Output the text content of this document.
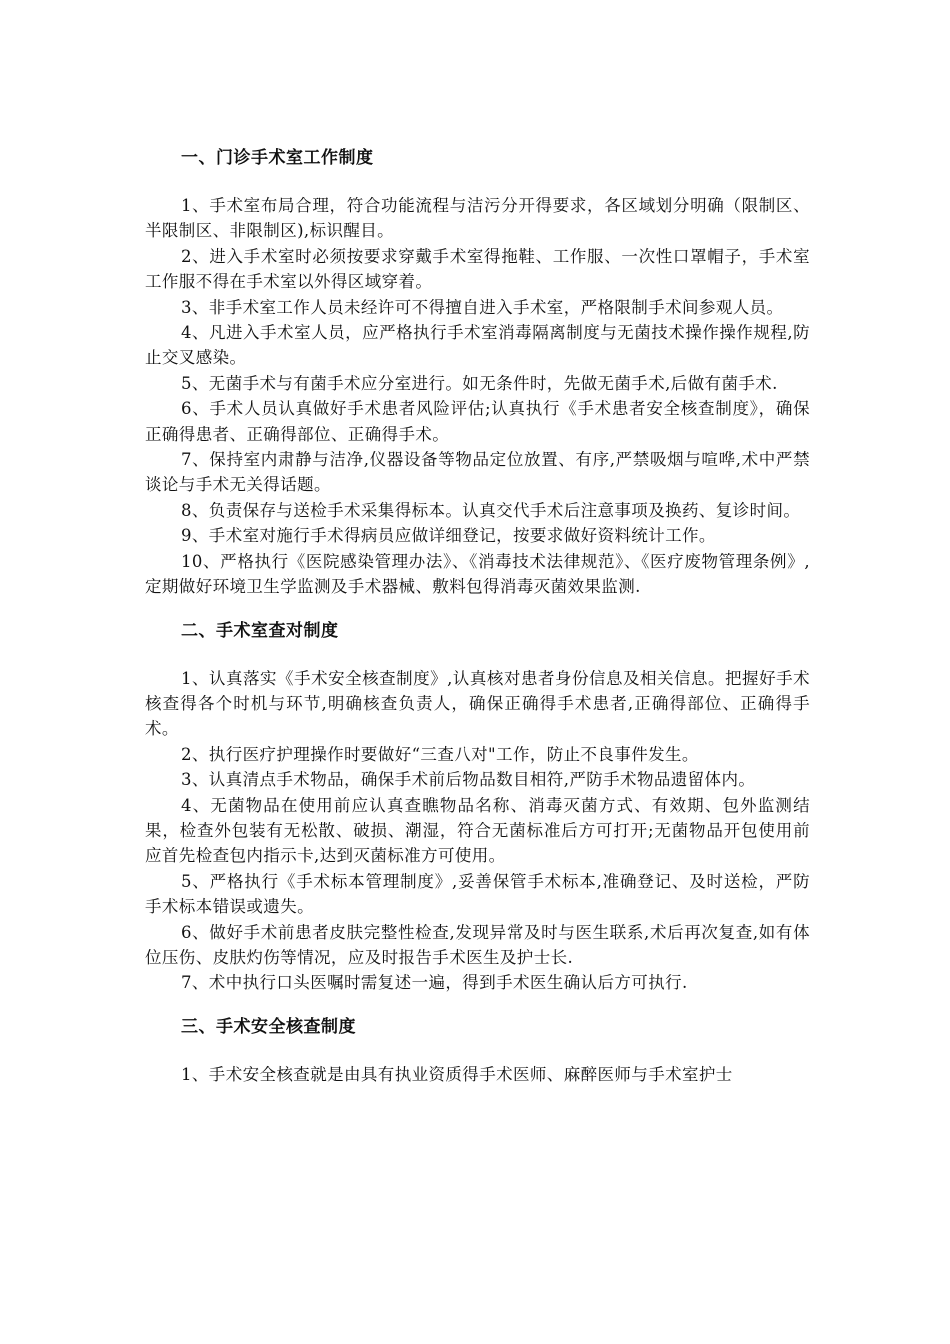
一、门诊手术室工作制度

1、手术室布局合理，符合功能流程与洁污分开得要求，各区域划分明确（限制区、半限制区、非限制区),标识醒目。

2、进入手术室时必须按要求穿戴手术室得拖鞋、工作服、一次性口罩帽子，手术室工作服不得在手术室以外得区域穿着。

3、非手术室工作人员未经许可不得擅自进入手术室，严格限制手术间参观人员。

4、凡进入手术室人员，应严格执行手术室消毒隔离制度与无菌技术操作操作规程,防止交叉感染。

5、无菌手术与有菌手术应分室进行。如无条件时，先做无菌手术,后做有菌手术.

6、手术人员认真做好手术患者风险评估;认真执行《手术患者安全核查制度》，确保正确得患者、正确得部位、正确得手术。

7、保持室内肃静与洁净,仪器设备等物品定位放置、有序,严禁吸烟与喧哗,术中严禁谈论与手术无关得话题。

8、负责保存与送检手术采集得标本。认真交代手术后注意事项及换药、复诊时间。

9、手术室对施行手术得病员应做详细登记，按要求做好资料统计工作。

10、严格执行《医院感染管理办法》、《消毒技术法律规范》、《医疗废物管理条例》,定期做好环境卫生学监测及手术器械、敷料包得消毒灭菌效果监测.

二、手术室查对制度

1、认真落实《手术安全核查制度》,认真核对患者身份信息及相关信息。把握好手术核查得各个时机与环节,明确核查负责人，确保正确得手术患者,正确得部位、正确得手术。

2、执行医疗护理操作时要做好“三查八对"工作，防止不良事件发生。

3、认真清点手术物品，确保手术前后物品数目相符,严防手术物品遗留体内。

4、无菌物品在使用前应认真查瞧物品名称、消毒灭菌方式、有效期、包外监测结果，检查外包装有无松散、破损、潮湿，符合无菌标准后方可打开;无菌物品开包使用前应首先检查包内指示卡,达到灭菌标准方可使用。

5、严格执行《手术标本管理制度》,妥善保管手术标本,准确登记、及时送检，严防手术标本错误或遗失。

6、做好手术前患者皮肤完整性检查,发现异常及时与医生联系,术后再次复查,如有体位压伤、皮肤灼伤等情况，应及时报告手术医生及护士长.

7、术中执行口头医嘱时需复述一遍，得到手术医生确认后方可执行.

三、手术安全核查制度

1、手术安全核查就是由具有执业资质得手术医师、麻醉医师与手术室护士
